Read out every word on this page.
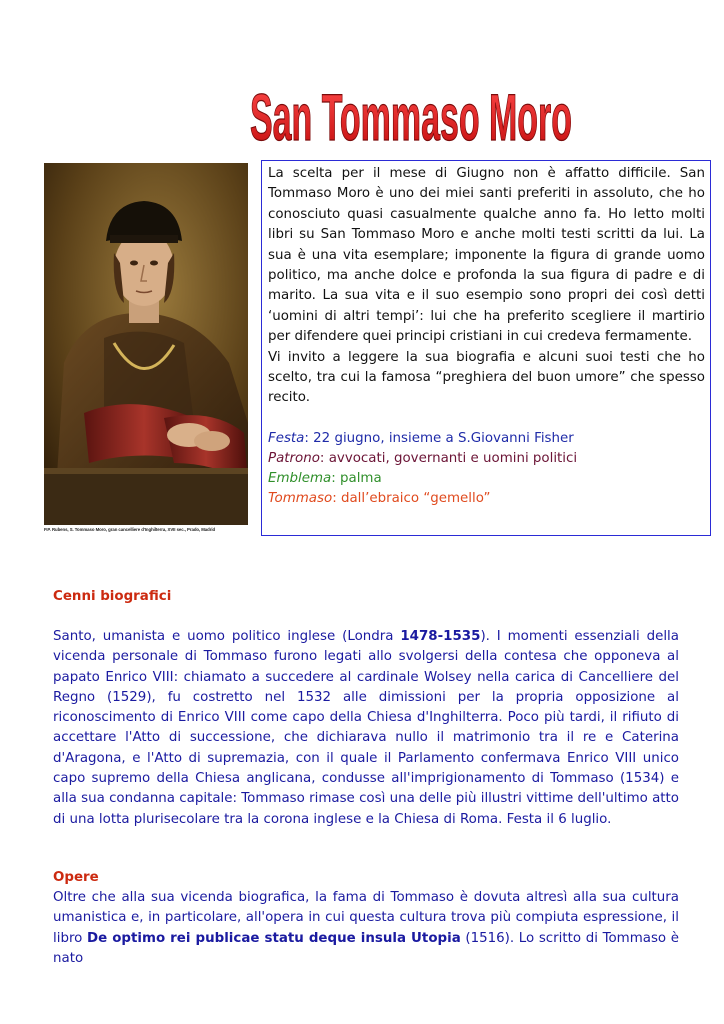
San Tommaso Moro
P.P. Rubens, S. Tommaso Moro, gran cancelliere d'Inghilterra, XVII sec., Prado, Madrid

La scelta per il mese di Giugno non è affatto difficile. San Tommaso Moro è uno dei miei santi preferiti in assoluto, che ho conosciuto quasi casualmente qualche anno fa. Ho letto molti libri su San Tommaso Moro e anche molti testi scritti da lui. La sua è una vita esemplare; imponente la figura di grande uomo politico, ma anche dolce e profonda la sua figura di padre e di marito. La sua vita e il suo esempio sono propri dei così detti ‘uomini di altri tempi’: lui che ha preferito scegliere il martirio per difendere quei principi cristiani in cui credeva fermamente.

Vi invito a leggere la sua biografia e alcuni suoi testi che ho scelto, tra cui la famosa “preghiera del buon umore” che spesso recito.

Festa: 22 giugno, insieme a S.Giovanni Fisher
Patrono: avvocati, governanti e uomini politici
Emblema: palma
Tommaso: dall’ebraico “gemello”

Cenni biografici

Santo, umanista e uomo politico inglese (Londra 1478-1535). I momenti essenziali della vicenda personale di Tommaso furono legati allo svolgersi della contesa che opponeva al papato Enrico VIII: chiamato a succedere al cardinale Wolsey nella carica di Cancelliere del Regno (1529), fu costretto nel 1532 alle dimissioni per la propria opposizione al riconoscimento di Enrico VIII come capo della Chiesa d'Inghilterra. Poco più tardi, il rifiuto di accettare l'Atto di successione, che dichiarava nullo il matrimonio tra il re e Caterina d'Aragona, e l'Atto di supremazia, con il quale il Parlamento confermava Enrico VIII unico capo supremo della Chiesa anglicana, condusse all'imprigionamento di Tommaso (1534) e alla sua condanna capitale: Tommaso rimase così una delle più illustri vittime dell'ultimo atto di una lotta plurisecolare tra la corona inglese e la Chiesa di Roma. Festa il 6 luglio.

Opere

Oltre che alla sua vicenda biografica, la fama di Tommaso è dovuta altresì alla sua cultura umanistica e, in particolare, all'opera in cui questa cultura trova più compiuta espressione, il libro De optimo rei publicae statu deque insula Utopia (1516). Lo scritto di Tommaso è nato
